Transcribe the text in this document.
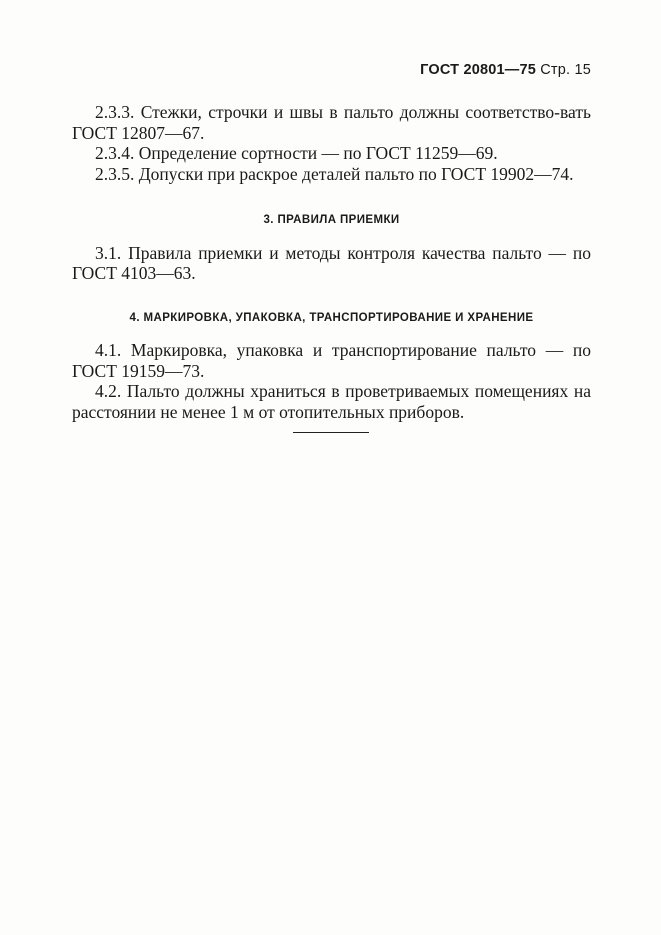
ГОСТ 20801—75 Стр. 15

2.3.3. Стежки, строчки и швы в пальто должны соответство-вать ГОСТ 12807—67.

2.3.4. Определение сортности — по ГОСТ 11259—69.

2.3.5. Допуски при раскрое деталей пальто по ГОСТ 19902—74.

3. ПРАВИЛА ПРИЕМКИ

3.1. Правила приемки и методы контроля качества пальто — по ГОСТ 4103—63.

4. МАРКИРОВКА, УПАКОВКА, ТРАНСПОРТИРОВАНИЕ И ХРАНЕНИЕ

4.1. Маркировка, упаковка и транспортирование пальто — по ГОСТ 19159—73.

4.2. Пальто должны храниться в проветриваемых помещениях на расстоянии не менее 1 м от отопительных приборов.
